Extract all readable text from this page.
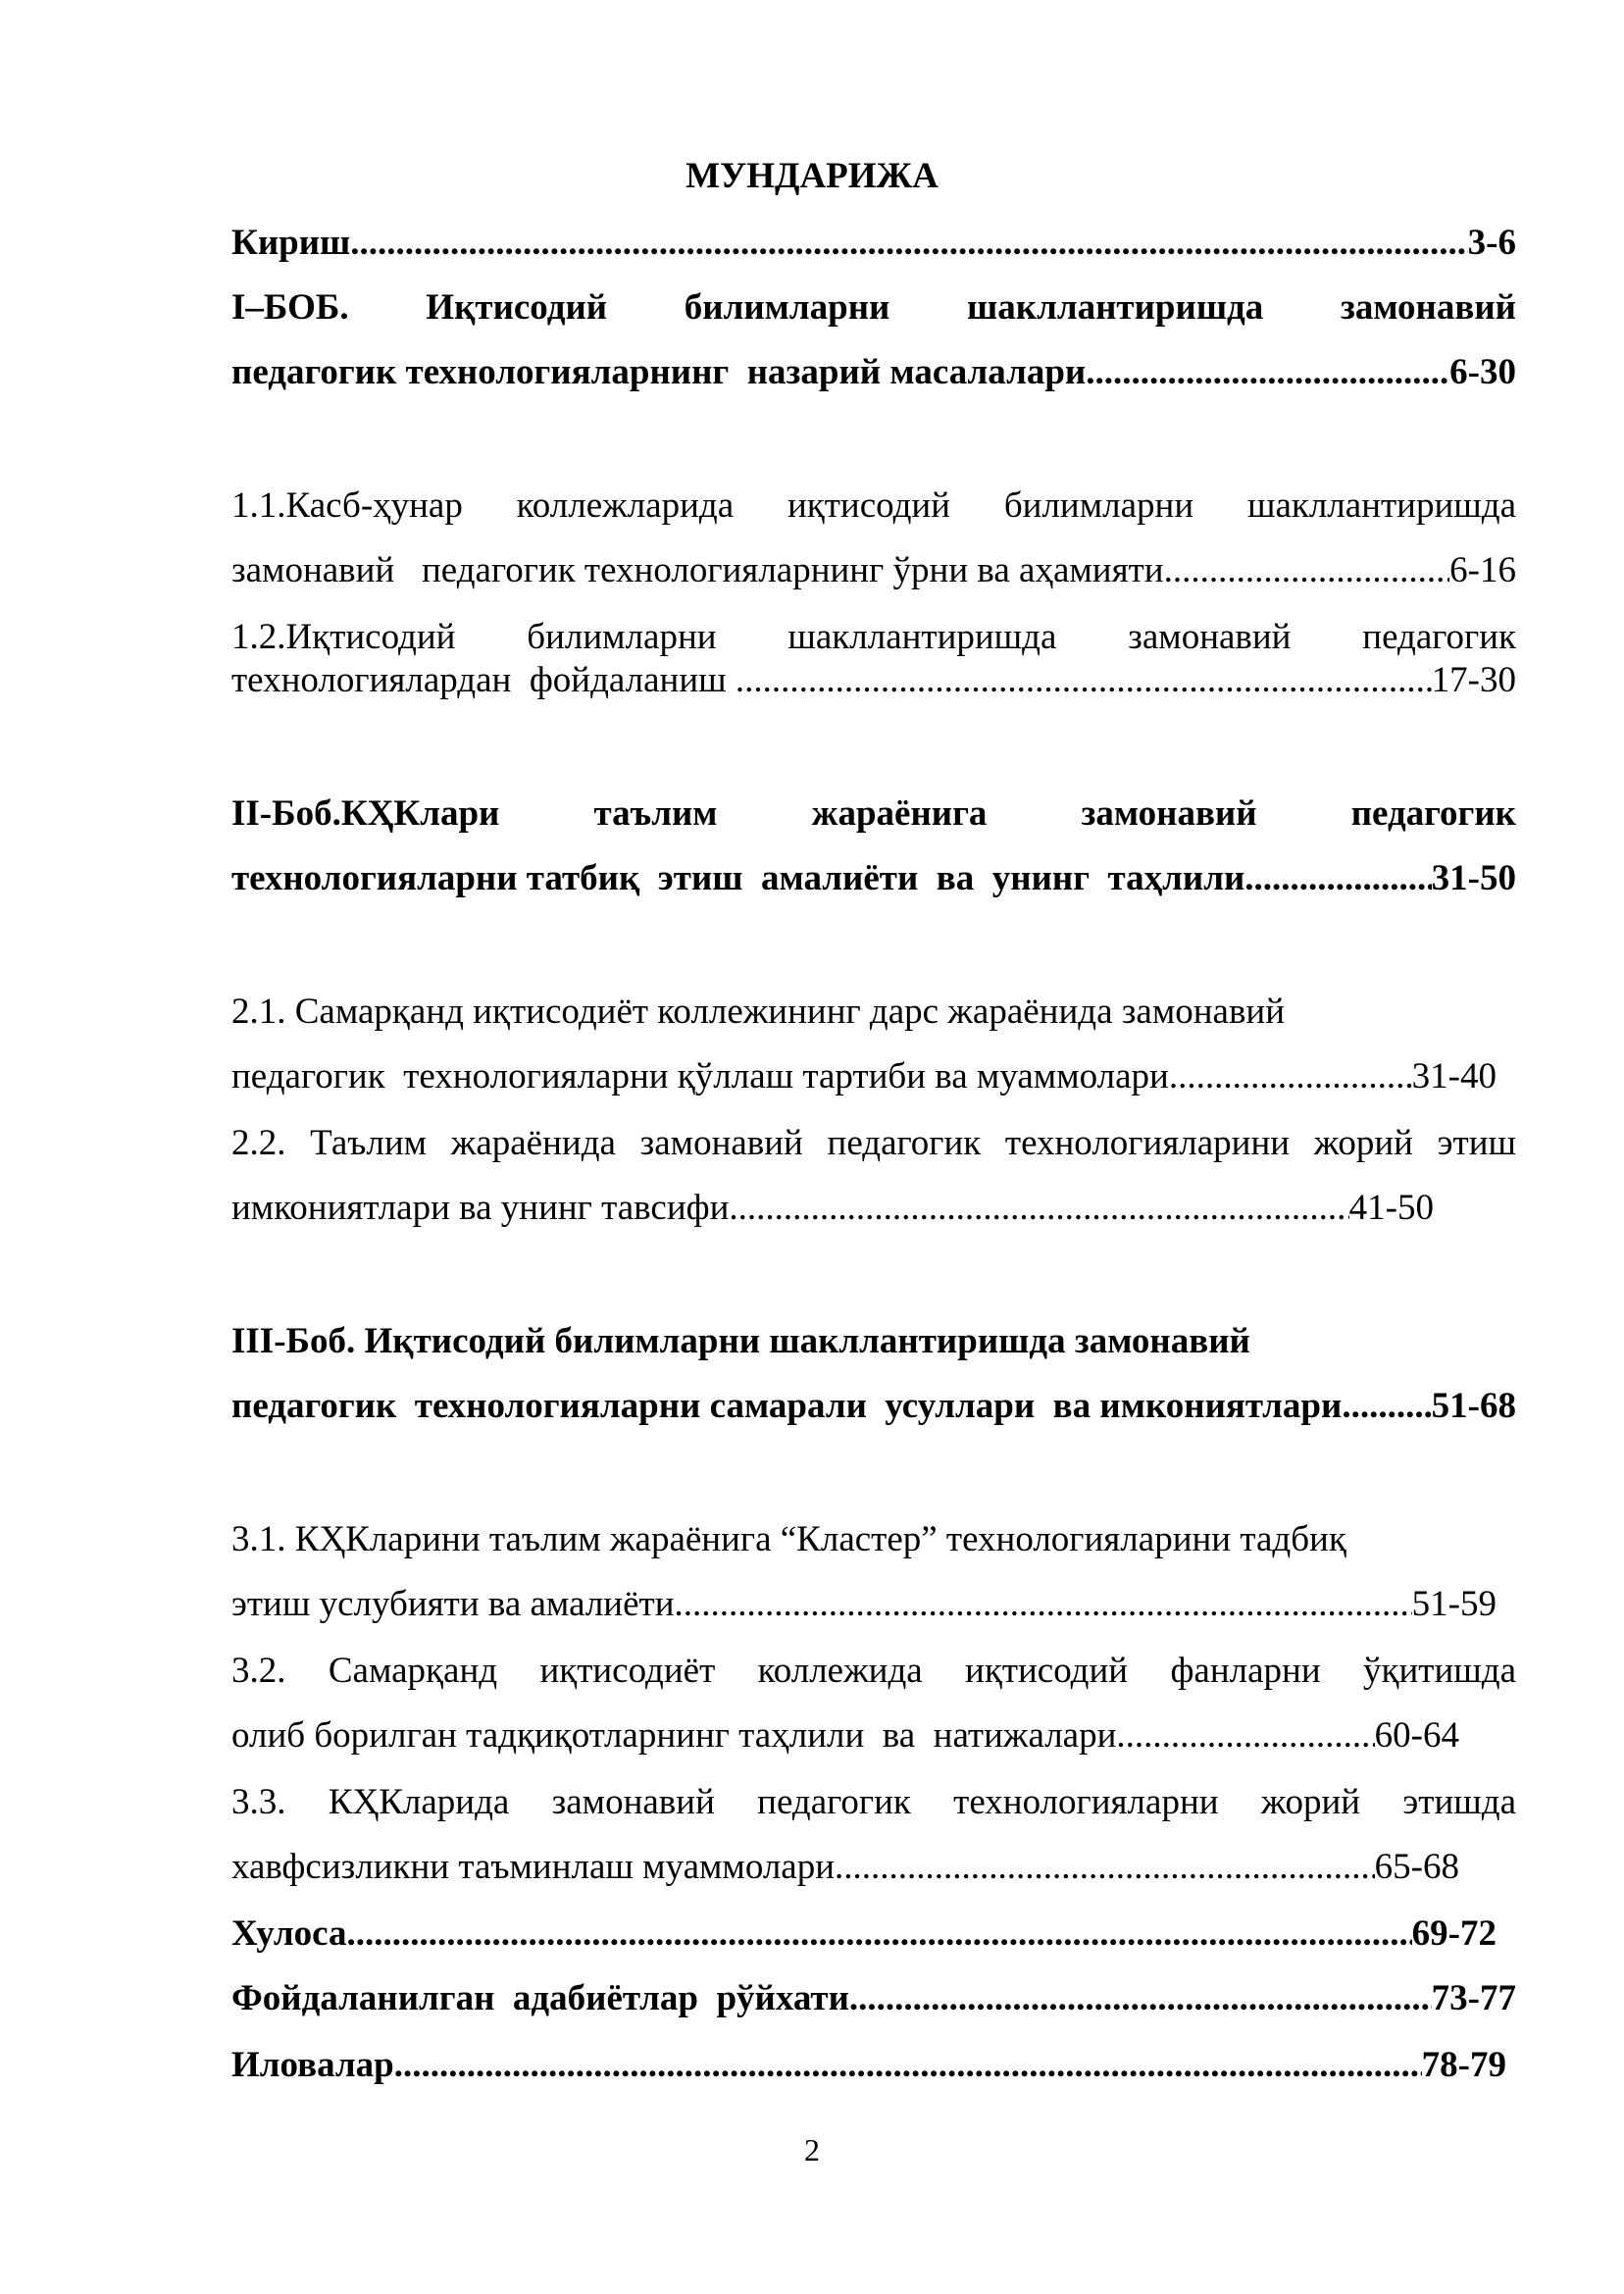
МУНДАРИЖА
Кириш .....	3-6
I–БОБ. Иқтисодий билимларни шакллантиришда замонавий
педагогик технологияларнинг  назарий масалалари .....	6-30
1.1.Касб-ҳунар коллежларида иқтисодий билимларни шакллантиришда
замонавий   педагогик технологияларнинг ўрни ва аҳамияти. .....	6-16
1.2.Иқтисодий билимларни шакллантиришда замонавий педагогик
технологиялардан  фойдаланиш .....	17-30
II-Боб.КҲКлари таълим жараёнига замонавий педагогик
технологияларни татбиқ  этиш  амалиёти  ва  унинг  таҳлили .....	31-50
2.1. Самарқанд иқтисодиёт коллежининг дарс жараёнида замонавий
педагогик  технологияларни қўллаш тартиби ва муаммолари .....	31-40
2.2. Таълим жараёнида замонавий педагогик технологияларини жорий этиш
имкониятлари ва унинг тавсифи .....	41-50
III-Боб. Иқтисодий билимларни шакллантиришда замонавий
педагогик  технологияларни самарали  усуллари  ва имкониятлари. ..... 51-68
3.1. КҲКларини таълим жараёнига “Кластер” технологияларини тадбиқ
этиш услубияти ва амалиёти .....	51-59
3.2. Самарқанд иқтисодиёт коллежида иқтисодий фанларни ўқитишда
олиб борилган тадқиқотларнинг таҳлили  ва  натижалари .....	60-64
3.3. КҲКларида замонавий педагогик технологияларни жорий этишда
хавфсизликни таъминлаш муаммолари .....	65-68
Хулоса .....	69-72
Фойдаланилган  адабиётлар  рўйхати .....	73-77
Иловалар .....	78-79
2
